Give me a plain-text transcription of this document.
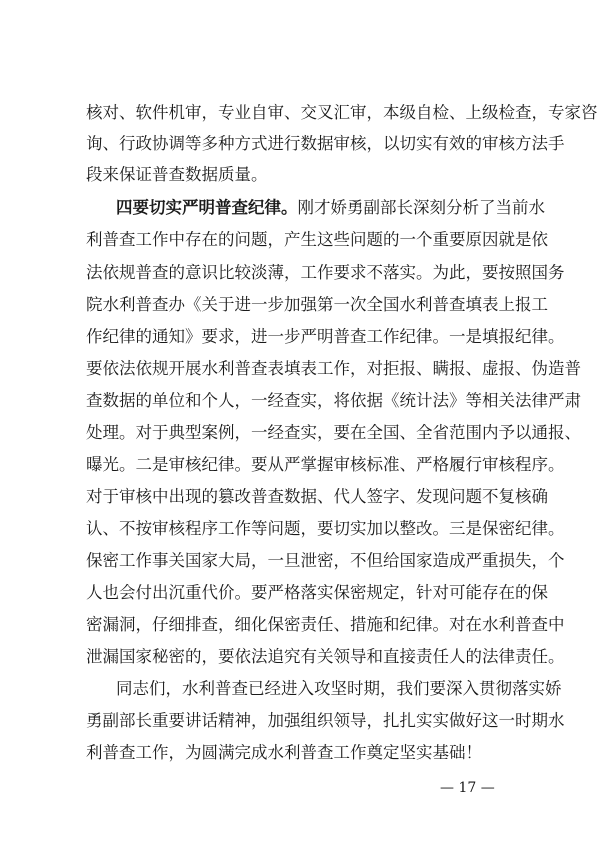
核对、软件机审，专业自审、交叉汇审，本级自检、上级检查，专家咨
询、行政协调等多种方式进行数据审核，以切实有效的审核方法手
段来保证普查数据质量。
四要切实严明普查纪律。刚才娇勇副部长深刻分析了当前水
利普查工作中存在的问题，产生这些问题的一个重要原因就是依
法依规普查的意识比较淡薄，工作要求不落实。为此，要按照国务
院水利普查办《关于进一步加强第一次全国水利普查填表上报工
作纪律的通知》要求，进一步严明普查工作纪律。一是填报纪律。
要依法依规开展水利普查表填表工作，对拒报、瞒报、虚报、伪造普
查数据的单位和个人，一经查实，将依据《统计法》等相关法律严肃
处理。对于典型案例，一经查实，要在全国、全省范围内予以通报、
曝光。二是审核纪律。要从严掌握审核标准、严格履行审核程序。
对于审核中出现的篡改普查数据、代人签字、发现问题不复核确
认、不按审核程序工作等问题，要切实加以整改。三是保密纪律。
保密工作事关国家大局，一旦泄密，不但给国家造成严重损失，个
人也会付出沉重代价。要严格落实保密规定，针对可能存在的保
密漏洞，仔细排查，细化保密责任、措施和纪律。对在水利普查中
泄漏国家秘密的，要依法追究有关领导和直接责任人的法律责任。
同志们，水利普查已经进入攻坚时期，我们要深入贯彻落实娇
勇副部长重要讲话精神，加强组织领导，扎扎实实做好这一时期水
利普查工作，为圆满完成水利普查工作奠定坚实基础！
— 17 —
